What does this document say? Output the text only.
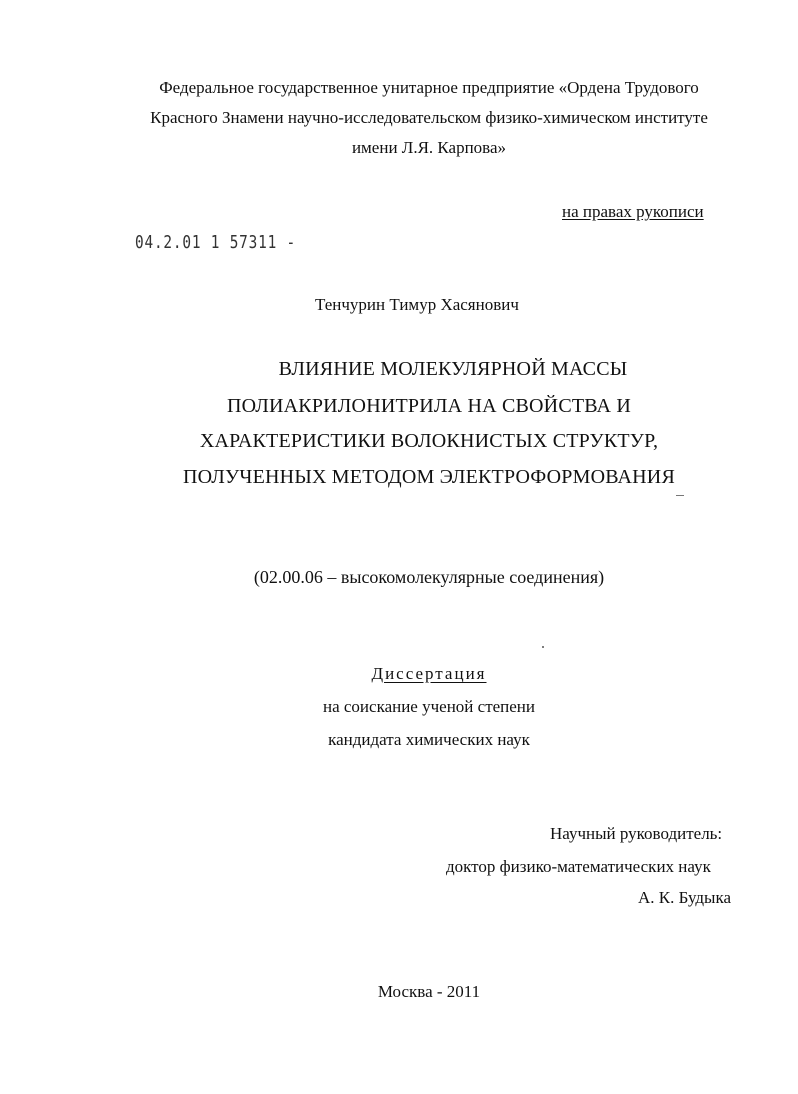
Федеральное государственное унитарное предприятие «Ордена Трудового
Красного Знамени научно-исследовательском физико-химическом институте
имени Л.Я. Карпова»
на правах рукописи
04.2.01 1 57311 -
Тенчурин Тимур Хасянович
ВЛИЯНИЕ МОЛЕКУЛЯРНОЙ МАССЫ
ПОЛИАКРИЛОНИТРИЛА НА СВОЙСТВА И
ХАРАКТЕРИСТИКИ ВОЛОКНИСТЫХ СТРУКТУР,
ПОЛУЧЕННЫХ МЕТОДОМ ЭЛЕКТРОФОРМОВАНИЯ
(02.00.06 – высокомолекулярные соединения)
Диссертация
на соискание ученой степени
кандидата химических наук
Научный руководитель:
доктор физико-математических наук
А. К. Будыка
Москва - 2011
